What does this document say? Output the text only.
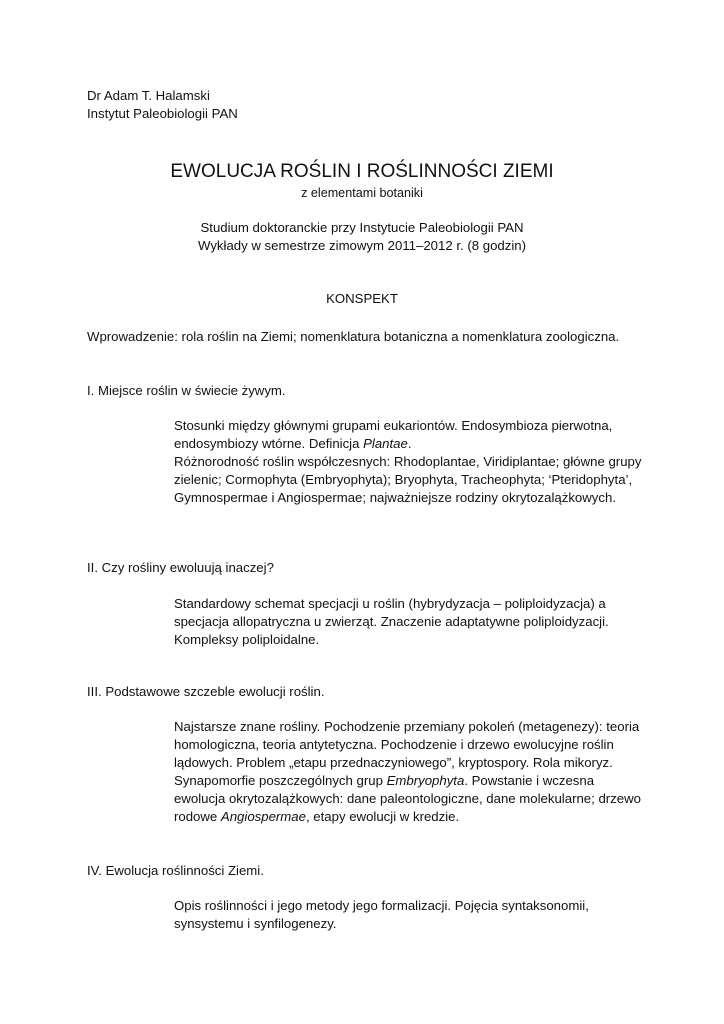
Dr Adam T. Halamski
Instytut Paleobiologii PAN
EWOLUCJA ROŚLIN I ROŚLINNOŚCI ZIEMI
z elementami botaniki
Studium doktoranckie przy Instytucie Paleobiologii PAN
Wykłady w semestrze zimowym 2011–2012 r. (8 godzin)
KONSPEKT
Wprowadzenie: rola roślin na Ziemi; nomenklatura botaniczna a nomenklatura zoologiczna.
I. Miejsce roślin w świecie żywym.

Stosunki między głównymi grupami eukariontów. Endosymbioza pierwotna, endosymbiozy wtórne. Definicja Plantae.

Różnorodność roślin współczesnych: Rhodoplantae, Viridiplantae; główne grupy zielenic; Cormophyta (Embryophyta); Bryophyta, Tracheophyta; ‘Pteridophyta’, Gymnospermae i Angiospermae; najważniejsze rodziny okrytozalążkowych.

II. Czy rośliny ewoluują inaczej?

Standardowy schemat specjacji u roślin (hybrydyzacja – poliploidyzacja) a specjacja allopatryczna u zwierząt. Znaczenie adaptatywne poliploidyzacji. Kompleksy poliploidalne.

III. Podstawowe szczeble ewolucji roślin.

Najstarsze znane rośliny. Pochodzenie przemiany pokoleń (metagenezy): teoria homologiczna, teoria antytetyczna. Pochodzenie i drzewo ewolucyjne roślin lądowych. Problem „etapu przednaczyniowego”, kryptospory. Rola mikoryz. Synapomorfie poszczególnych grup Embryophyta. Powstanie i wczesna ewolucja okrytozalążkowych: dane paleontologiczne, dane molekularne; drzewo rodowe Angiospermae, etapy ewolucji w kredzie.

IV. Ewolucja roślinności Ziemi.

Opis roślinności i jego metody jego formalizacji. Pojęcia syntaksonomii, synsystemu i synfilogenezy.
